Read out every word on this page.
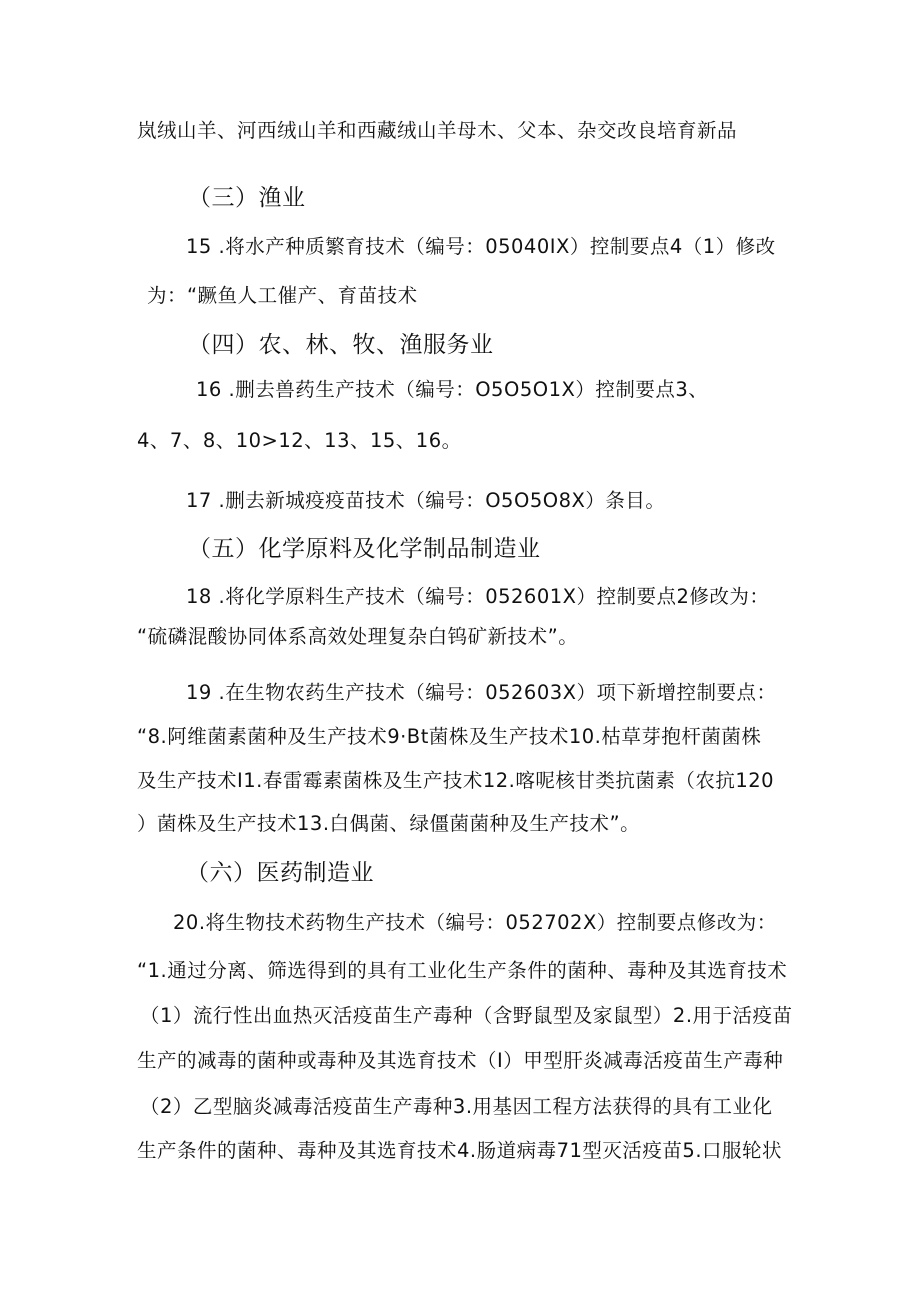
岚绒山羊、河西绒山羊和西藏绒山羊母木、父本、杂交改良培育新品
（三）渔业
15 .将水产种质繁育技术（编号：05040IX）控制要点4（1）修改
为：“蹶鱼人工催产、育苗技术
（四）农、林、牧、渔服务业
16 .删去兽药生产技术（编号：O5O5O1X）控制要点3、
4、7、8、10>12、13、15、16。
17 .删去新城疫疫苗技术（编号：O5O5O8X）条目。
（五）化学原料及化学制品制造业
18 .将化学原料生产技术（编号：052601X）控制要点2修改为：
“硫磷混酸协同体系高效处理复杂白钨矿新技术”。
19 .在生物农药生产技术（编号：052603X）项下新增控制要点：
“8.阿维菌素菌种及生产技术9·Bt菌株及生产技术10.枯草芽抱杆菌菌株
及生产技术I1.春雷霉素菌株及生产技术12.喀呢核甘类抗菌素（农抗120
）菌株及生产技术13.白偶菌、绿僵菌菌种及生产技术”。
（六）医药制造业
20.将生物技术药物生产技术（编号：052702X）控制要点修改为：
“1.通过分离、筛选得到的具有工业化生产条件的菌种、毒种及其选育技术
（1）流行性出血热灭活疫苗生产毒种（含野鼠型及家鼠型）2.用于活疫苗
生产的减毒的菌种或毒种及其选育技术（I）甲型肝炎减毒活疫苗生产毒种
（2）乙型脑炎减毒活疫苗生产毒种3.用基因工程方法获得的具有工业化
生产条件的菌种、毒种及其选育技术4.肠道病毒71型灭活疫苗5.口服轮状
